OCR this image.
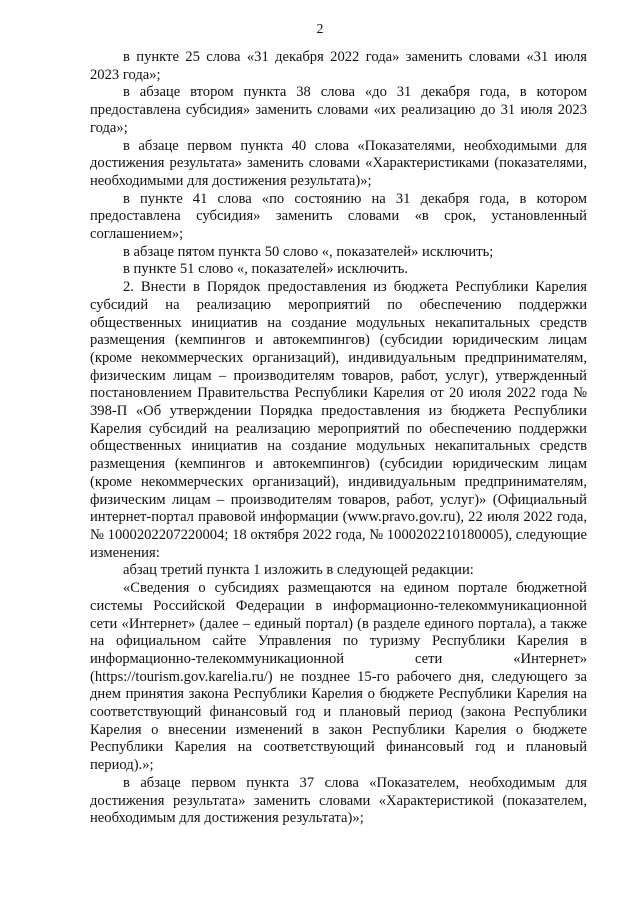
2

в пункте 25 слова «31 декабря 2022 года» заменить словами «31 июля 2023 года»;

в абзаце втором пункта 38 слова «до 31 декабря года, в котором предоставлена субсидия» заменить словами «их реализацию до 31 июля 2023 года»;

в абзаце первом пункта 40 слова «Показателями, необходимыми для достижения результата» заменить словами «Характеристиками (показателями, необходимыми для достижения результата)»;

в пункте 41 слова «по состоянию на 31 декабря года, в котором предоставлена субсидия» заменить словами «в срок, установленный соглашением»;

в абзаце пятом пункта 50 слово «, показателей» исключить;

в пункте 51 слово «, показателей» исключить.

2. Внести в Порядок предоставления из бюджета Республики Карелия субсидий на реализацию мероприятий по обеспечению поддержки общественных инициатив на создание модульных некапитальных средств размещения (кемпингов и автокемпингов) (субсидии юридическим лицам (кроме некоммерческих организаций), индивидуальным предпринимателям, физическим лицам – производителям товаров, работ, услуг), утвержденный постановлением Правительства Республики Карелия от 20 июля 2022 года № 398-П «Об утверждении Порядка предоставления из бюджета Республики Карелия субсидий на реализацию мероприятий по обеспечению поддержки общественных инициатив на создание модульных некапитальных средств размещения (кемпингов и автокемпингов) (субсидии юридическим лицам (кроме некоммерческих организаций), индивидуальным предпринимателям, физическим лицам – производителям товаров, работ, услуг)» (Официальный интернет-портал правовой информации (www.pravo.gov.ru), 22 июля 2022 года, № 1000202207220004; 18 октября 2022 года, № 1000202210180005), следующие изменения:

абзац третий пункта 1 изложить в следующей редакции:

«Сведения о субсидиях размещаются на едином портале бюджетной системы Российской Федерации в информационно-телекоммуникационной сети «Интернет» (далее – единый портал) (в разделе единого портала), а также на официальном сайте Управления по туризму Республики Карелия в информационно-телекоммуникационной сети «Интернет» (https://tourism.gov.karelia.ru/) не позднее 15-го рабочего дня, следующего за днем принятия закона Республики Карелия о бюджете Республики Карелия на соответствующий финансовый год и плановый период (закона Республики Карелия о внесении изменений в закон Республики Карелия о бюджете Республики Карелия на соответствующий финансовый год и плановый период).»;

в абзаце первом пункта 37 слова «Показателем, необходимым для достижения результата» заменить словами «Характеристикой (показателем, необходимым для достижения результата)»;
